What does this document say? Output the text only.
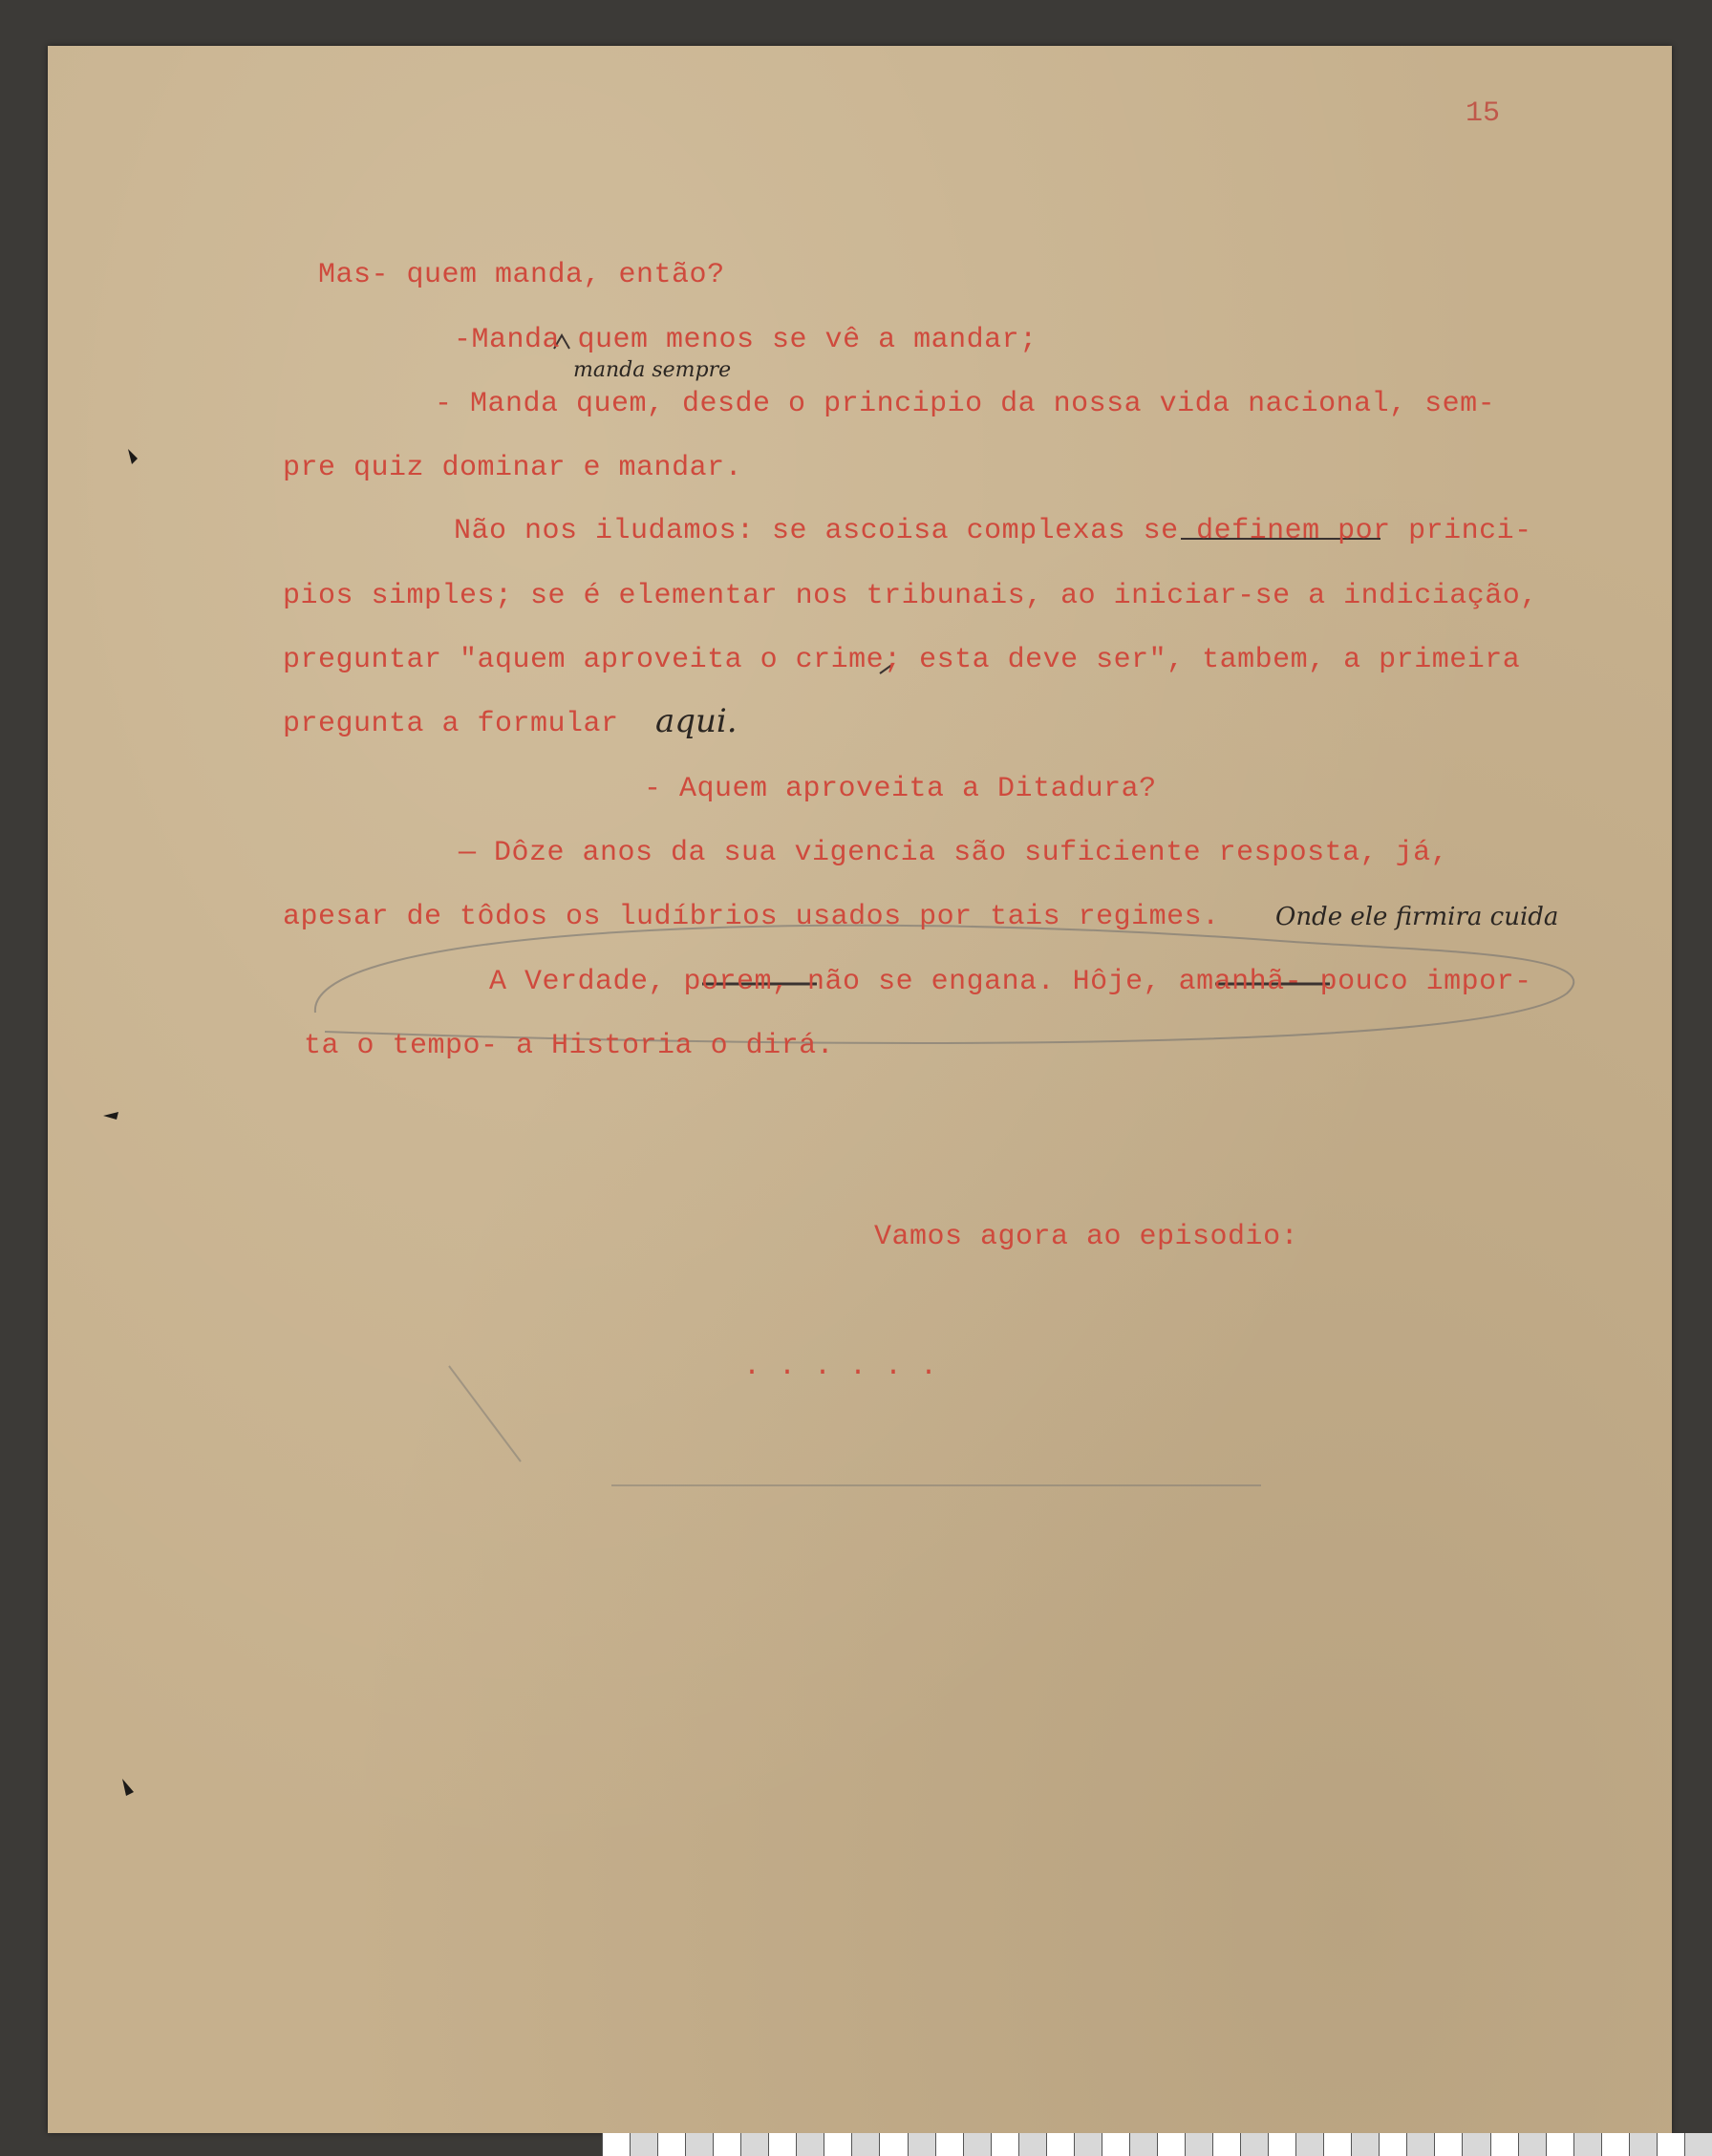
Mas- quem manda, então?
-Manda quem menos se vê a mandar;
- Manda quem, desde o principio da nossa vida nacional, sem-
pre quiz dominar e mandar.
Não nos iludamos: se ascoisa complexas se definem por princi-
pios simples; se é elementar nos tribunais, ao iniciar-se a indiciação,
preguntar "aquem aproveita o crime; esta deve ser", tambem, a primeira
pregunta a formular
- Aquem aproveita a Ditadura?
— Dôze anos da sua vigencia são suficiente resposta, já,
apesar de tôdos os ludíbrios usados por tais regimes.
A Verdade, porem, não se engana. Hôje, amanhã- pouco impor-
ta o tempo- a Historia o dirá.
Vamos agora ao episodio:
. . . . . .
manda sempre
aqui.
Onde ele firmira cuida
15
